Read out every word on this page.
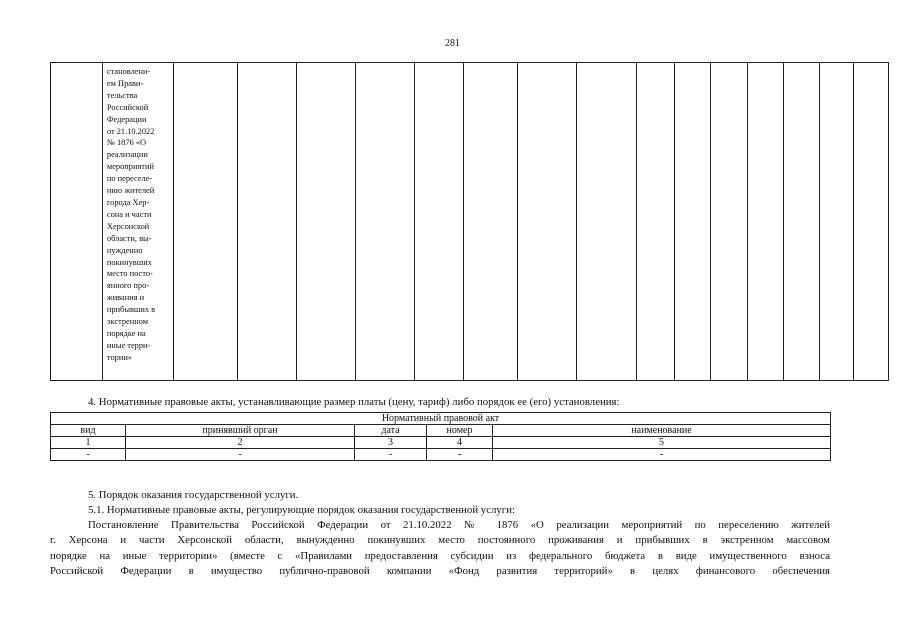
281

становлени-
ем Прави-
тельства
Российской
Федерации
от 21.10.2022
№ 1876 «О
реализации
мероприятий
по переселе-
нию жителей
города Хер-
сона и части
Херсонской
области, вы-
нужденно
покинувших
место посто-
янного про-
живания и
прибывших в
экстренном
порядке на
иные терри-
тории»

4. Нормативные правовые акты, устанавливающие размер платы (цену, тариф) либо порядок ее (его) установления:
Нормативный правовой акт				
вид	принявший орган	дата	номер	наименование
1	2	3	4	5
-	-	-	-	-
5. Порядок оказания государственной услуги.
5.1. Нормативные правовые акты, регулирующие порядок оказания государственной услуги:
Постановление Правительства Российской Федерации от 21.10.2022 № 1876 «О реализации мероприятий по переселению жителей
г. Херсона и части Херсонской области, вынужденно покинувших место постоянного проживания и прибывших в экстренном массовом
порядке на иные территории» (вместе с «Правилами предоставления субсидии из федерального бюджета в виде имущественного взноса
Российской Федерации в имущество публично-правовой компании «Фонд развития территорий» в целях финансового обеспечения
